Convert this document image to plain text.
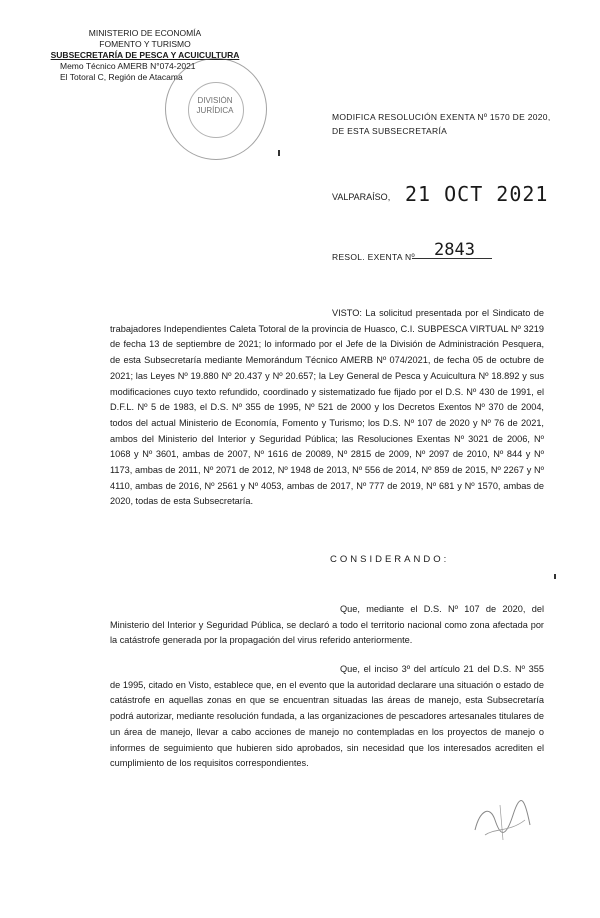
MINISTERIO DE ECONOMÍA
FOMENTO Y TURISMO
SUBSECRETARÍA DE PESCA Y ACUICULTURA
Memo Técnico AMERB N°074-2021
El Totoral C, Región de Atacama
DIVISIÓN
JURÍDICA
MODIFICA RESOLUCIÓN EXENTA Nº 1570 DE 2020, DE ESTA SUBSECRETARÍA
VALPARAÍSO, 21 OCT 2021
RESOL. EXENTA Nº 2843
VISTO: La solicitud presentada por el Sindicato de trabajadores Independientes Caleta Totoral de la provincia de Huasco, C.I. SUBPESCA VIRTUAL Nº 3219 de fecha 13 de septiembre de 2021; lo informado por el Jefe de la División de Administración Pesquera, de esta Subsecretaría mediante Memorándum Técnico AMERB Nº 074/2021, de fecha 05 de octubre de 2021; las Leyes Nº 19.880 Nº 20.437 y Nº 20.657; la Ley General de Pesca y Acuicultura Nº 18.892 y sus modificaciones cuyo texto refundido, coordinado y sistematizado fue fijado por el D.S. Nº 430 de 1991, el D.F.L. Nº 5 de 1983, el D.S. Nº 355 de 1995, Nº 521 de 2000 y los Decretos Exentos Nº 370 de 2004, todos del actual Ministerio de Economía, Fomento y Turismo; los D.S. Nº 107 de 2020 y Nº 76 de 2021, ambos del Ministerio del Interior y Seguridad Pública; las Resoluciones Exentas Nº 3021 de 2006, Nº 1068 y Nº 3601, ambas de 2007, Nº 1616 de 20089, Nº 2815 de 2009, Nº 2097 de 2010, Nº 844 y Nº 1173, ambas de 2011, Nº 2071 de 2012, Nº 1948 de 2013, Nº 556 de 2014, Nº 859 de 2015, Nº 2267 y Nº 4110, ambas de 2016, Nº 2561 y Nº 4053, ambas de 2017, Nº 777 de 2019, Nº 681 y Nº 1570, ambas de 2020, todas de esta Subsecretaría.
CONSIDERANDO:
Que, mediante el D.S. Nº 107 de 2020, del Ministerio del Interior y Seguridad Pública, se declaró a todo el territorio nacional como zona afectada por la catástrofe generada por la propagación del virus referido anteriormente.
Que, el inciso 3º del artículo 21 del D.S. Nº 355 de 1995, citado en Visto, establece que, en el evento que la autoridad declarare una situación o estado de catástrofe en aquellas zonas en que se encuentran situadas las áreas de manejo, esta Subsecretaría podrá autorizar, mediante resolución fundada, a las organizaciones de pescadores artesanales titulares de un área de manejo, llevar a cabo acciones de manejo no contempladas en los proyectos de manejo o informes de seguimiento que hubieren sido aprobados, sin necesidad que los interesados acrediten el cumplimiento de los requisitos correspondientes.
